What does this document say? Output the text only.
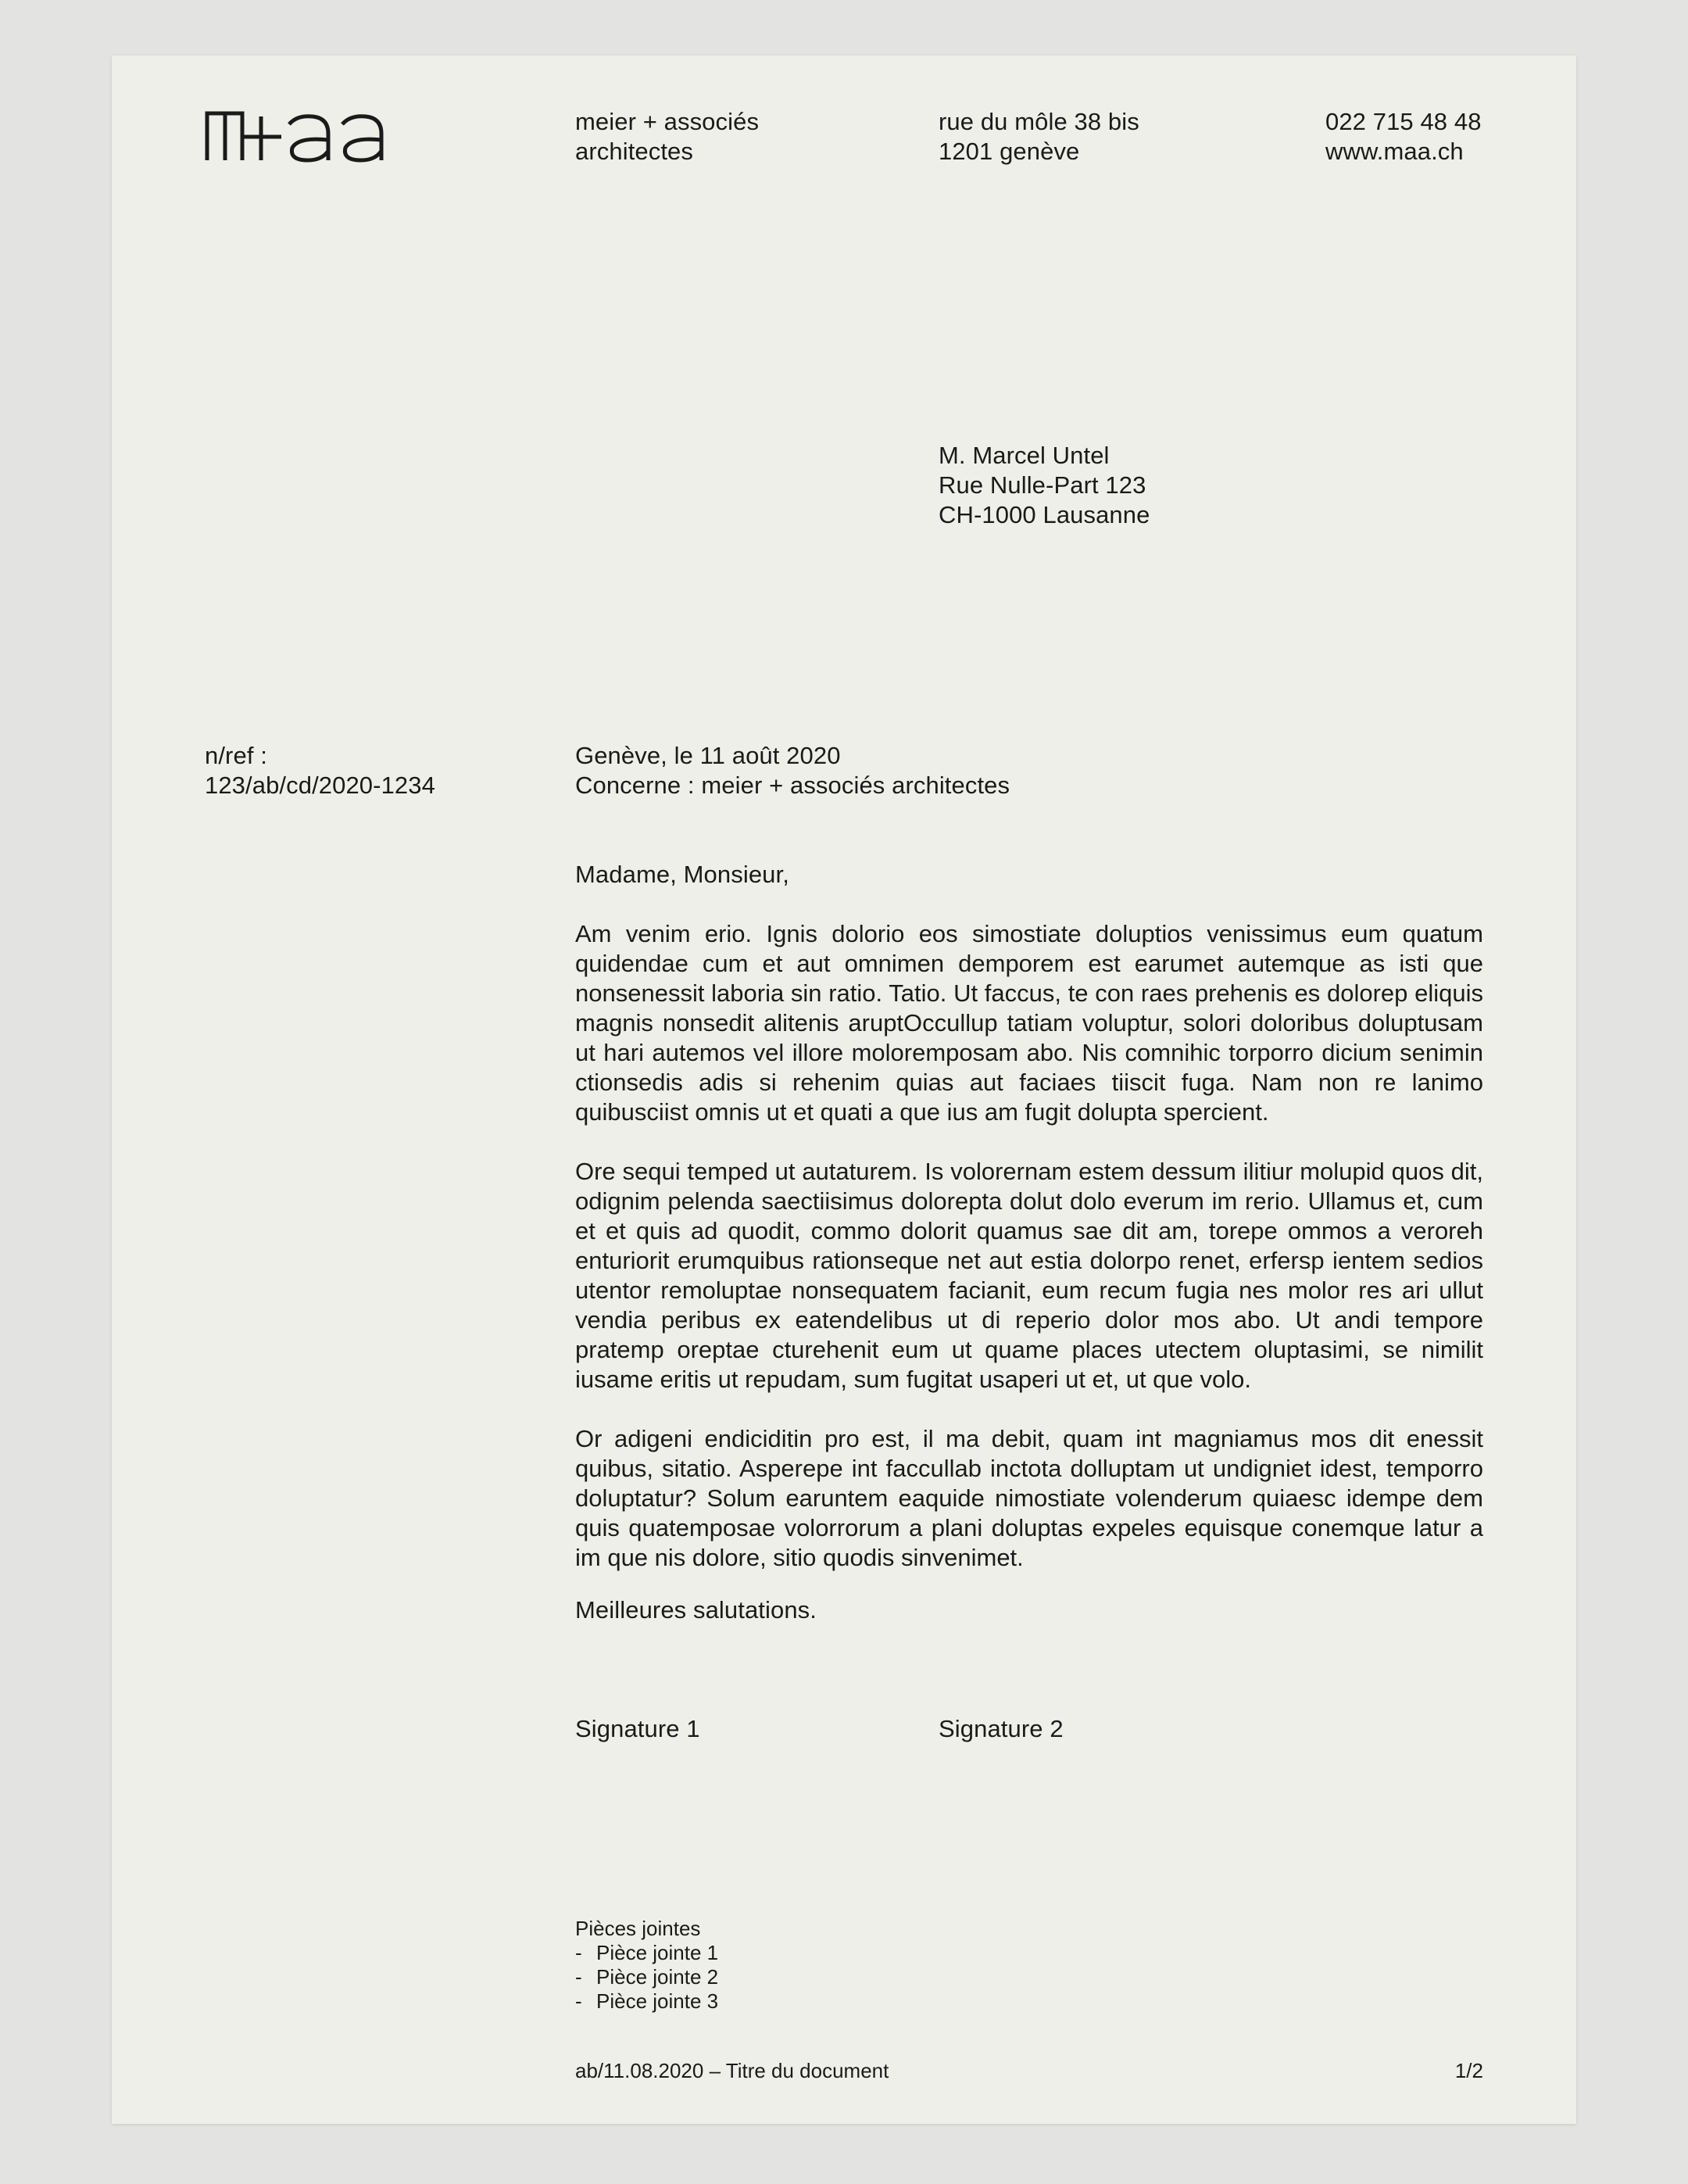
meier + associés
architectes
rue du môle 38 bis
1201 genève
022 715 48 48
www.maa.ch
M. Marcel Untel
Rue Nulle-Part 123
CH-1000 Lausanne
n/ref :
123/ab/cd/2020-1234
Genève, le 11 août 2020
Concerne : meier + associés architectes
Madame, Monsieur,

Am venim erio. Ignis dolorio eos simostiate doluptios venissimus eum quatum quidendae cum et aut omnimen demporem est earumet autemque as isti que nonsenessit laboria sin ratio. Tatio. Ut faccus, te con raes prehenis es dolorep eliquis magnis nonsedit alitenis aruptOccullup tatiam voluptur, solori doloribus doluptusam ut hari autemos vel illore moloremposam abo. Nis comnihic torporro dicium senimin ctionsedis adis si rehenim quias aut faciaes tiiscit fuga. Nam non re lanimo quibusciist omnis ut et quati a que ius am fugit dolupta spercient.

Ore sequi temped ut autaturem. Is volorernam estem dessum ilitiur molupid quos dit, odignim pelenda saectiisimus dolorepta dolut dolo everum im rerio. Ullamus et, cum et et quis ad quodit, commo dolorit quamus sae dit am, torepe ommos a veroreh enturiorit erumquibus rationseque net aut estia dolorpo renet, erfersp ientem sedios utentor remoluptae nonsequatem facianit, eum recum fugia nes molor res ari ullut vendia peribus ex eatendelibus ut di reperio dolor mos abo. Ut andi tempore pratemp oreptae cturehenit eum ut quame places utectem oluptasimi, se nimilit iusame eritis ut repudam, sum fugitat usaperi ut et, ut que volo.

Or adigeni endiciditin pro est, il ma debit, quam int magniamus mos dit enessit quibus, sitatio. Asperepe int faccullab inctota dolluptam ut undigniet idest, temporro doluptatur? Solum earuntem eaquide nimostiate volenderum quiaesc idempe dem quis quatemposae volorrorum a plani doluptas expeles equisque conemque latur a im que nis dolore, sitio quodis sinvenimet.

Meilleures salutations.
Signature 1	Signature 2
Pièces jointes
- Pièce jointe 1
- Pièce jointe 2
- Pièce jointe 3
ab/11.08.2020 – Titre du document	1/2
